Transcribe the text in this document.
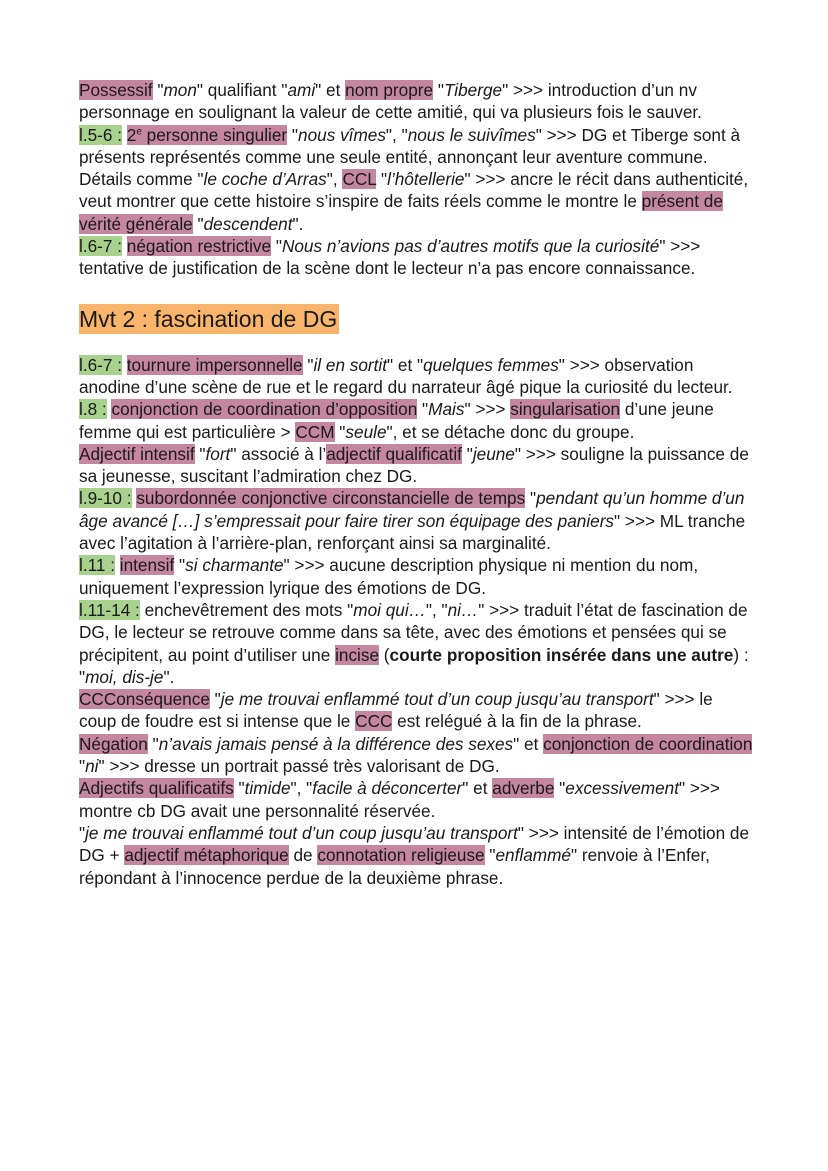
Possessif "mon" qualifiant "ami" et nom propre "Tiberge" >>> introduction d’un nv personnage en soulignant la valeur de cette amitié, qui va plusieurs fois le sauver.

l.5-6 : 2e personne singulier "nous vîmes", "nous le suivîmes" >>> DG et Tiberge sont à présents représentés comme une seule entité, annonçant leur aventure commune.

Détails comme "le coche d’Arras", CCL "l’hôtellerie" >>> ancre le récit dans authenticité, veut montrer que cette histoire s’inspire de faits réels comme le montre le présent de vérité générale "descendent".

l.6-7 : négation restrictive "Nous n’avions pas d’autres motifs que la curiosité" >>> tentative de justification de la scène dont le lecteur n’a pas encore connaissance.

Mvt 2 : fascination de DG

l.6-7 : tournure impersonnelle "il en sortit" et "quelques femmes" >>> observation anodine d’une scène de rue et le regard du narrateur âgé pique la curiosité du lecteur.

l.8 : conjonction de coordination d’opposition "Mais" >>> singularisation d’une jeune femme qui est particulière > CCM "seule", et se détache donc du groupe.

Adjectif intensif "fort" associé à l’adjectif qualificatif "jeune" >>> souligne la puissance de sa jeunesse, suscitant l’admiration chez DG.

l.9-10 : subordonnée conjonctive circonstancielle de temps "pendant qu’un homme d’un âge avancé […] s’empressait pour faire tirer son équipage des paniers" >>> ML tranche avec l’agitation à l’arrière-plan, renforçant ainsi sa marginalité.

l.11 : intensif "si charmante" >>> aucune description physique ni mention du nom, uniquement l’expression lyrique des émotions de DG.

l.11-14 : enchevêtrement des mots "moi qui…", "ni…" >>> traduit l’état de fascination de DG, le lecteur se retrouve comme dans sa tête, avec des émotions et pensées qui se précipitent, au point d’utiliser une incise (courte proposition insérée dans une autre) : "moi, dis-je".

CCConséquence "je me trouvai enflammé tout d’un coup jusqu’au transport" >>> le coup de foudre est si intense que le CCC est relégué à la fin de la phrase.

Négation "n’avais jamais pensé à la différence des sexes" et conjonction de coordination "ni" >>> dresse un portrait passé très valorisant de DG.

Adjectifs qualificatifs "timide", "facile à déconcerter" et adverbe "excessivement" >>> montre cb DG avait une personnalité réservée.

"je me trouvai enflammé tout d’un coup jusqu’au transport" >>> intensité de l’émotion de DG + adjectif métaphorique de connotation religieuse "enflammé" renvoie à l’Enfer, répondant à l’innocence perdue de la deuxième phrase.
